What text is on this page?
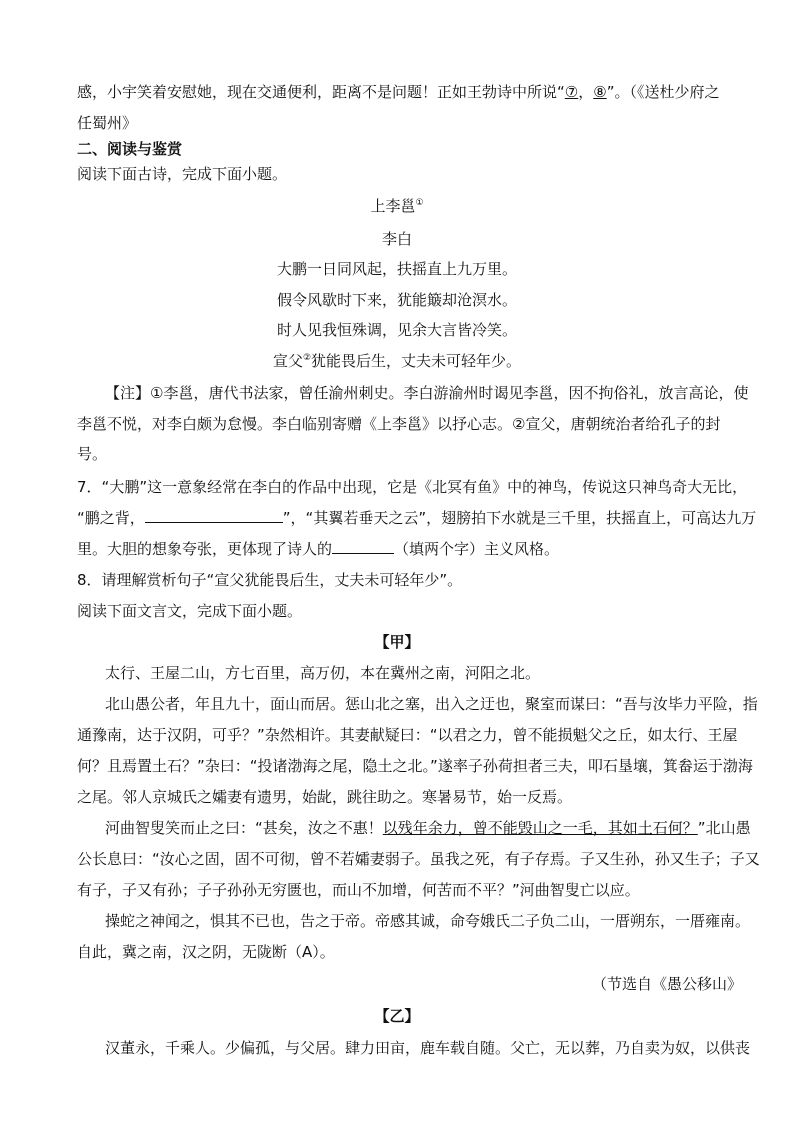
感，小宇笑着安慰她，现在交通便利，距离不是问题！正如王勃诗中所说“⑦，⑧”。（《送杜少府之
任蜀州》
二、阅读与鉴赏
阅读下面古诗，完成下面小题。
上李邕①
李白
大鹏一日同风起，扶摇直上九万里。
假令风歇时下来，犹能簸却沧溟水。
时人见我恒殊调，见余大言皆冷笑。
宣父②犹能畏后生，丈夫未可轻年少。
【注】①李邕，唐代书法家，曾任渝州刺史。李白游渝州时谒见李邕，因不拘俗礼，放言高论，使
李邕不悦，对李白颇为怠慢。李白临别寄赠《上李邕》以抒心志。②宣父，唐朝统治者给孔子的封
号。
7．“大鹏”这一意象经常在李白的作品中出现，它是《北冥有鱼》中的神鸟，传说这只神鸟奇大无比，
“鹏之背，	”，“其翼若垂天之云”，翅膀拍下水就是三千里，扶摇直上，可高达九万
里。大胆的想象夸张，更体现了诗人的	（填两个字）主义风格。
8．请理解赏析句子“宣父犹能畏后生，丈夫未可轻年少”。
阅读下面文言文，完成下面小题。
【甲】
太行、王屋二山，方七百里，高万仞，本在冀州之南，河阳之北。
北山愚公者，年且九十，面山而居。惩山北之塞，出入之迂也，聚室而谋曰：“吾与汝毕力平险，指
通豫南，达于汉阴，可乎？”杂然相许。其妻献疑曰：“以君之力，曾不能损魁父之丘，如太行、王屋
何？且焉置土石？”杂曰：“投诸渤海之尾，隐土之北。”遂率子孙荷担者三夫，叩石垦壤，箕畚运于渤海
之尾。邻人京城氏之孀妻有遗男，始龀，跳往助之。寒暑易节，始一反焉。
河曲智叟笑而止之曰：“甚矣，汝之不惠！以残年余力，曾不能毁山之一毛，其如土石何？”北山愚
公长息曰：“汝心之固，固不可彻，曾不若孀妻弱子。虽我之死，有子存焉。子又生孙，孙又生子；子又
有子，子又有孙；子子孙孙无穷匮也，而山不加增，何苦而不平？”河曲智叟亡以应。
操蛇之神闻之，惧其不已也，告之于帝。帝感其诚，命夸娥氏二子负二山，一厝朔东，一厝雍南。
自此，冀之南，汉之阴，无陇断（A）。
（节选自《愚公移山》
【乙】
汉董永，千乘人。少偏孤，与父居。肆力田亩，鹿车载自随。父亡，无以葬，乃自卖为奴，以供丧
